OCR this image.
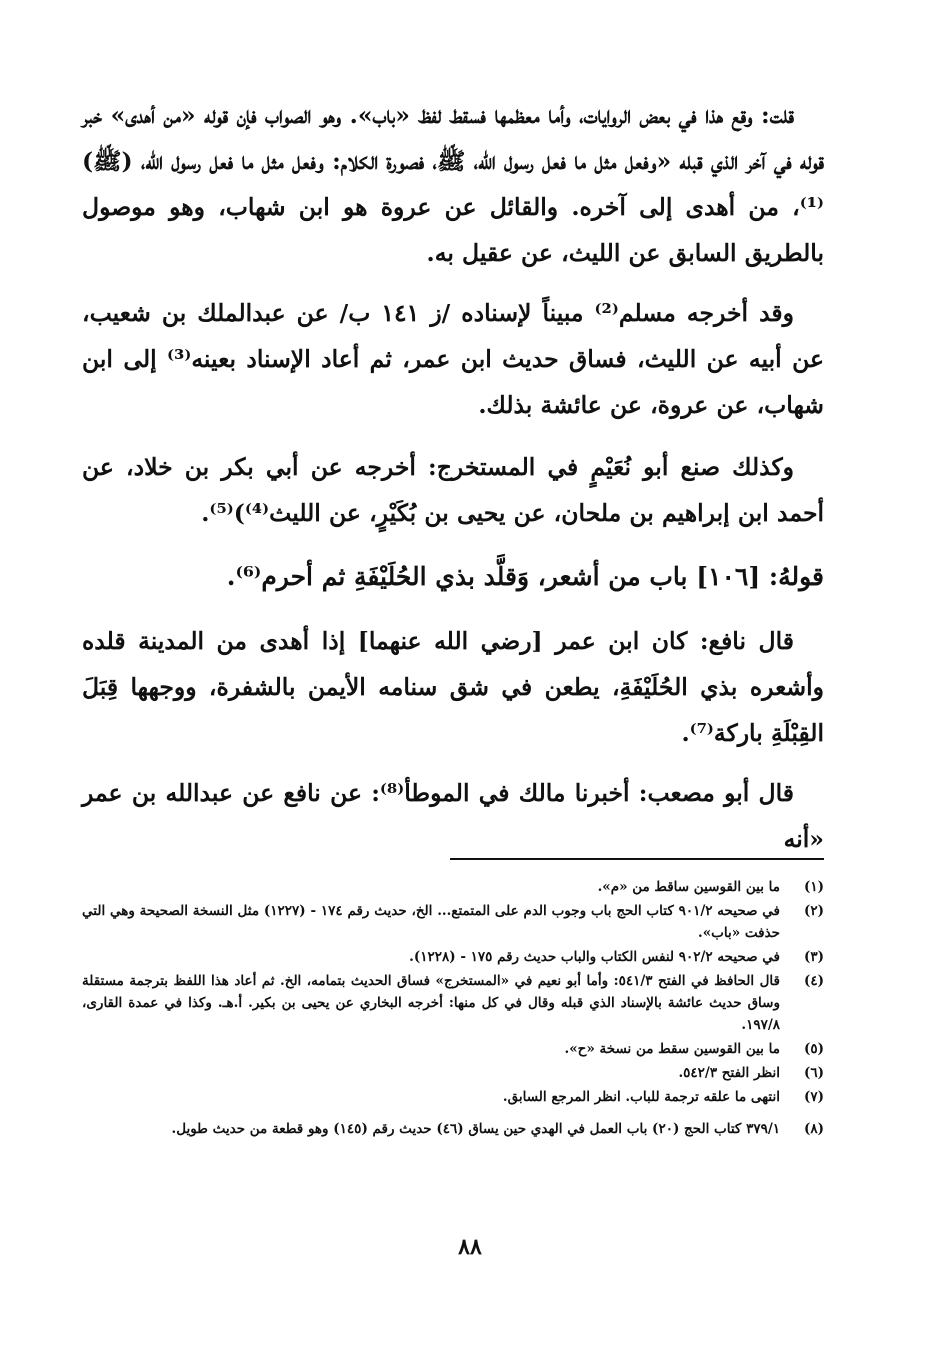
قلت: وقع هذا في بعض الروايات، وأما معظمها فسقط لفظ «باب». وهو الصواب فإن قوله «من أهدى» خبر قوله في آخر الذي قبله «وفعل مثل ما فعل رسول الله، ﷺ، فصورة الكلام: وفعل مثل ما فعل رسول الله، (ﷺ)⁽¹⁾، من أهدى إلى آخره. والقائل عن عروة هو ابن شهاب، وهو موصول بالطريق السابق عن الليث، عن عقيل به.

وقد أخرجه مسلم⁽²⁾ مبيناً لإسناده /ز ١٤١ ب/ عن عبدالملك بن شعيب، عن أبيه عن الليث، فساق حديث ابن عمر، ثم أعاد الإسناد بعينه⁽³⁾ إلى ابن شهاب، عن عروة، عن عائشة بذلك.

وكذلك صنع أبو نُعَيْمٍ في المستخرج: أخرجه عن أبي بكر بن خلاد، عن أحمد ابن إبراهيم بن ملحان، عن يحيى بن بُكَيْرٍ، عن الليث⁽⁴⁾)⁽⁵⁾.

قولهُ: [١٠٦] باب من أشعر، وَقلَّد بذي الحُلَيْفَةِ ثم أحرم⁽⁶⁾.

قال نافع: كان ابن عمر [رضي الله عنهما] إذا أهدى من المدينة قلده وأشعره بذي الحُلَيْفَةِ، يطعن في شق سنامه الأيمن بالشفرة، ووجهها قِبَلَ القِبْلَةِ باركة⁽⁷⁾.

قال أبو مصعب: أخبرنا مالك في الموطأ⁽⁸⁾: عن نافع عن عبدالله بن عمر «أنه

(١)
ما بين القوسين ساقط من «م».
(٢)
في صحيحه ٩٠١/٢ كتاب الحج باب وجوب الدم على المتمتع... الخ، حديث رقم ١٧٤ - (١٢٢٧) مثل النسخة الصحيحة وهي التي حذفت «باب».
(٣)
في صحيحه ٩٠٢/٢ لنفس الكتاب والباب حديث رقم ١٧٥ - (١٢٢٨).
(٤)
قال الحافظ في الفتح ٥٤١/٣: وأما أبو نعيم في «المستخرج» فساق الحديث بتمامه، الخ. ثم أعاد هذا اللفظ بترجمة مستقلة وساق حديث عائشة بالإسناد الذي قبله وقال في كل منها: أخرجه البخاري عن يحيى بن بكير. أ.هـ. وكذا في عمدة القارى، ١٩٧/٨.
(٥)
ما بين القوسين سقط من نسخة «ح».
(٦)
انظر الفتح ٥٤٢/٣.
(٧)
انتهى ما علقه ترجمة للباب. انظر المرجع السابق.
(٨)
٣٧٩/١ كتاب الحج (٢٠) باب العمل في الهدي حين يساق (٤٦) حديث رقم (١٤٥) وهو قطعة من حديث طويل.
٨٨
